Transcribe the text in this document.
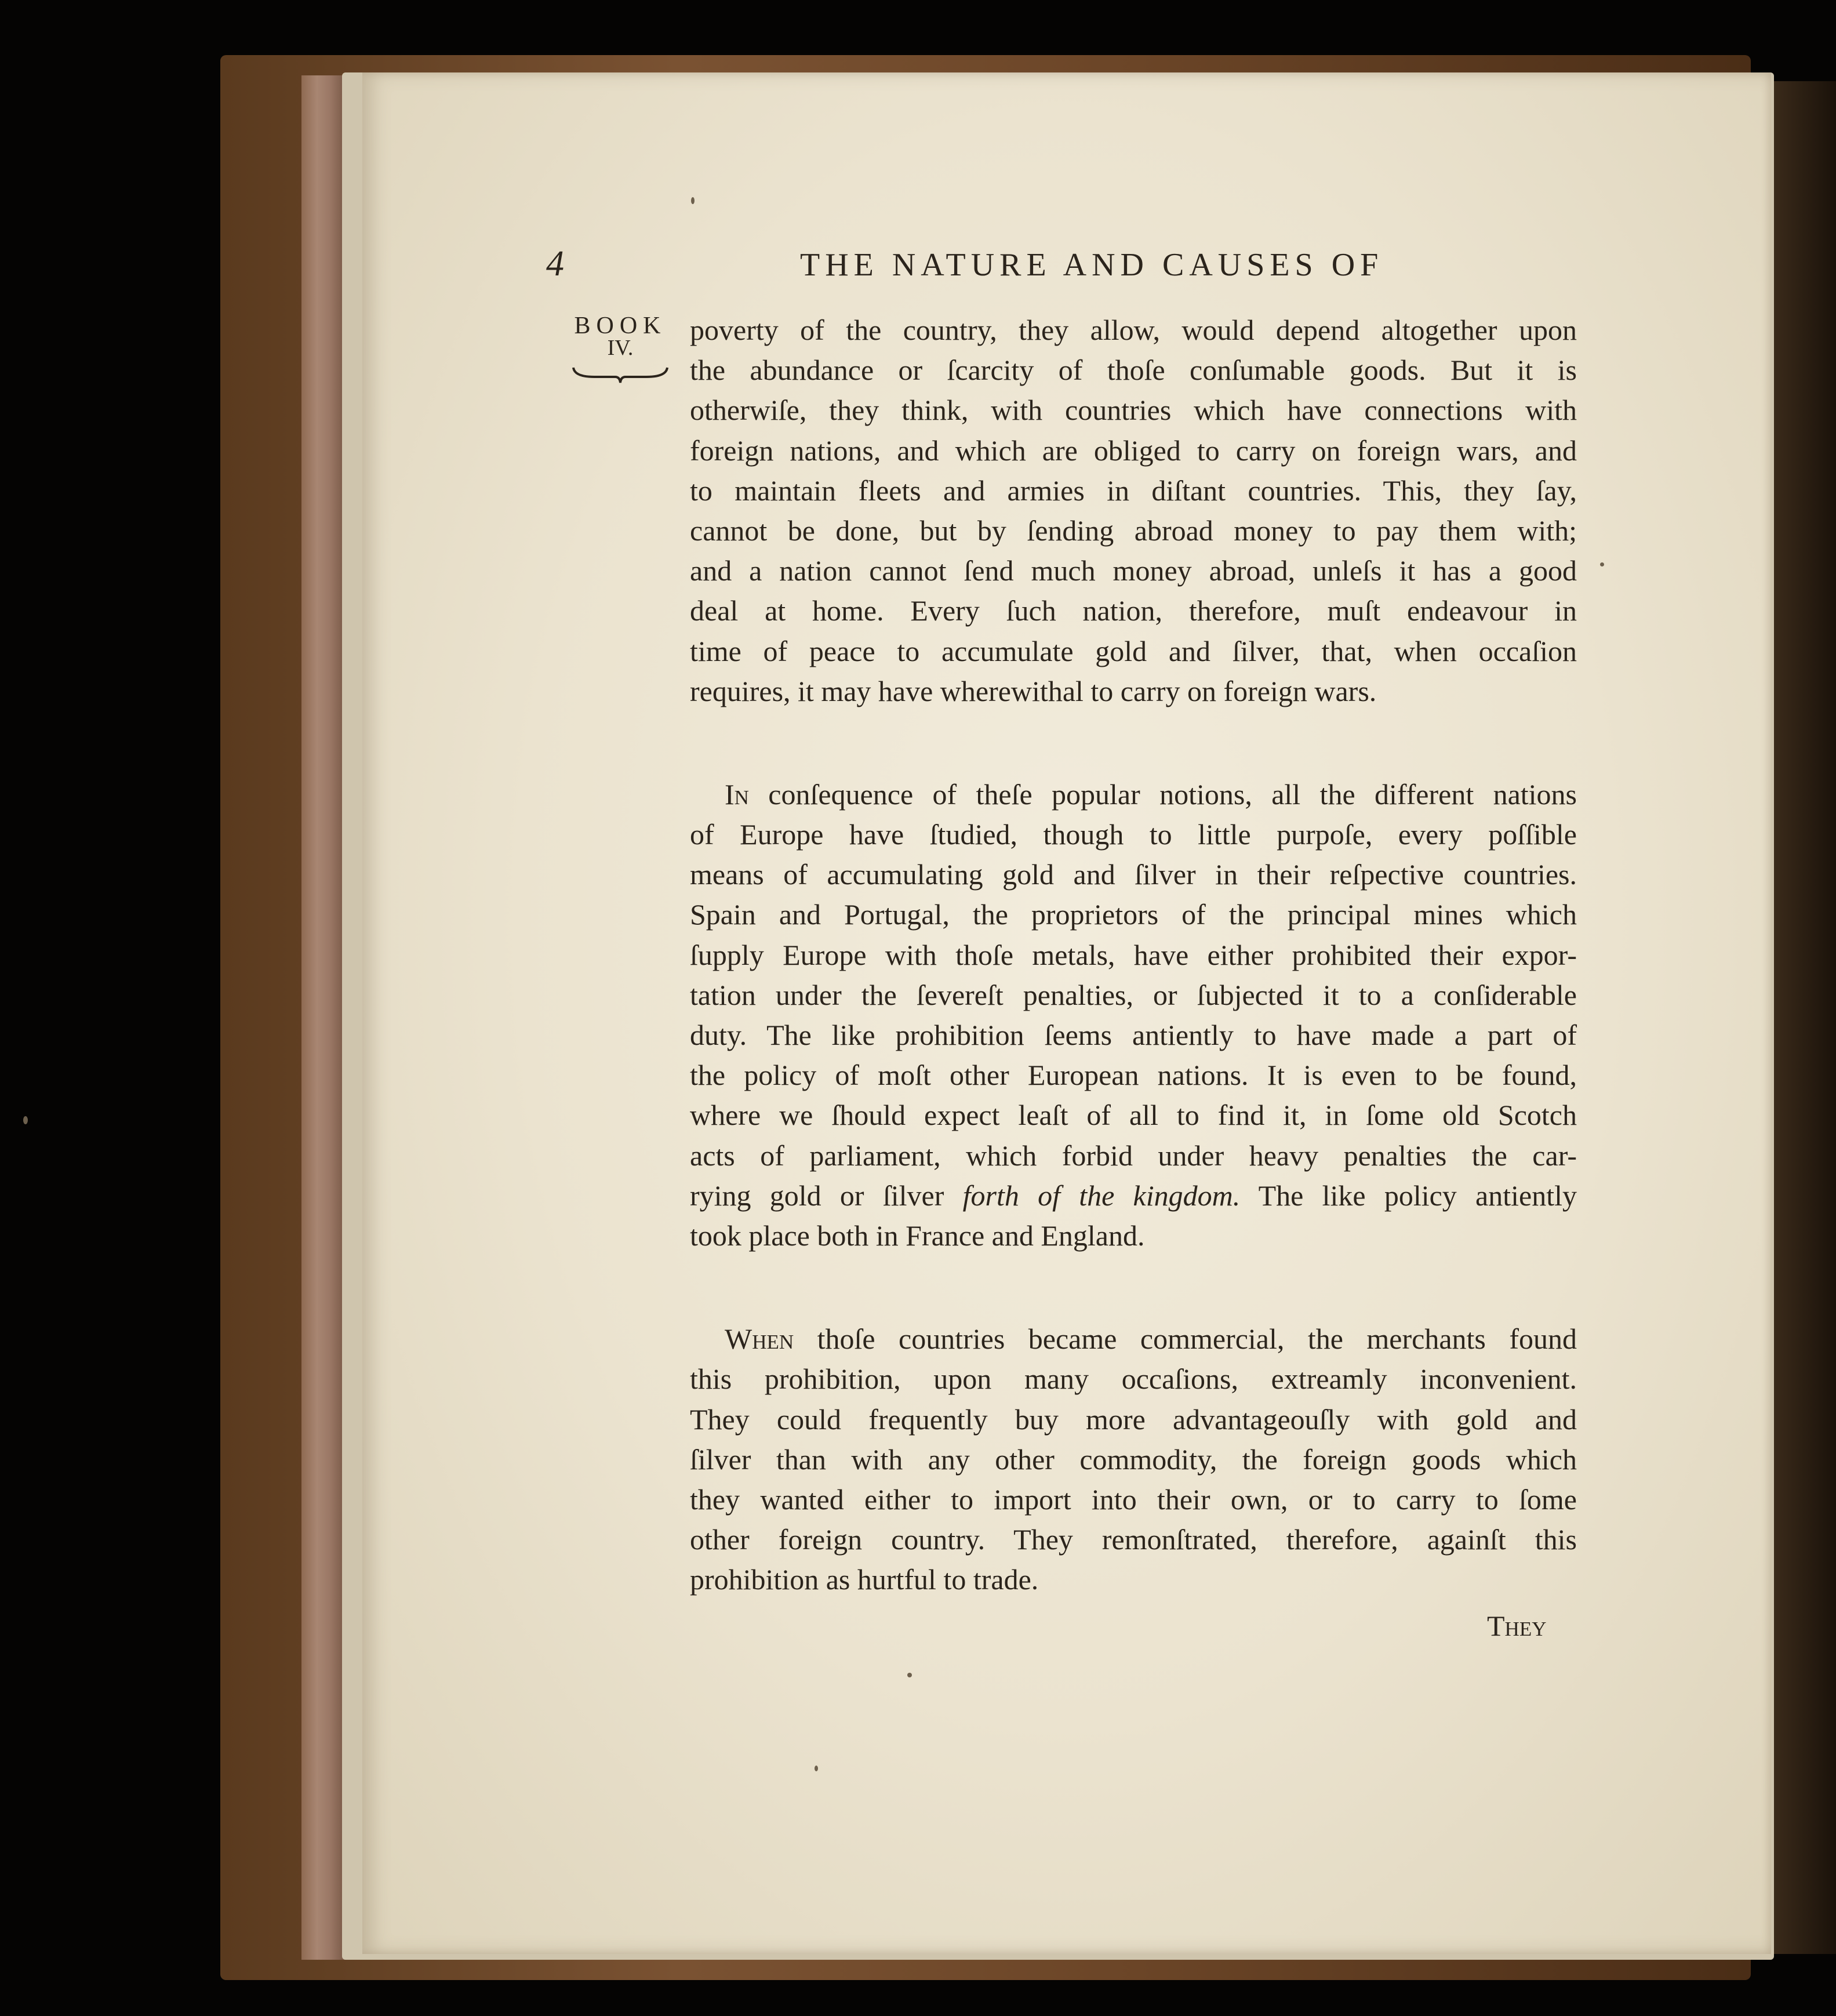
4	THE NATURE AND CAUSES OF
BOOK
IV.
poverty of the country, they allow, would depend altogether upon
the abundance or ſcarcity of thoſe conſumable goods. But it is
otherwiſe, they think, with countries which have connections with
foreign nations, and which are obliged to carry on foreign wars, and
to maintain fleets and armies in diſtant countries. This, they ſay,
cannot be done, but by ſending abroad money to pay them with;
and a nation cannot ſend much money abroad, unleſs it has a good
deal at home. Every ſuch nation, therefore, muſt endeavour in
time of peace to accumulate gold and ſilver, that, when occaſion
requires, it may have wherewithal to carry on foreign wars.
In conſequence of theſe popular notions, all the different nations
of Europe have ſtudied, though to little purpoſe, every poſſible
means of accumulating gold and ſilver in their reſpective countries.
Spain and Portugal, the proprietors of the principal mines which
ſupply Europe with thoſe metals, have either prohibited their expor-
tation under the ſevereſt penalties, or ſubjected it to a conſiderable
duty. The like prohibition ſeems antiently to have made a part of
the policy of moſt other European nations. It is even to be found,
where we ſhould expect leaſt of all to find it, in ſome old Scotch
acts of parliament, which forbid under heavy penalties the car-
rying gold or ſilver forth of the kingdom. The like policy antiently
took place both in France and England.
When thoſe countries became commercial, the merchants found
this prohibition, upon many occaſions, extreamly inconvenient.
They could frequently buy more advantageouſly with gold and
ſilver than with any other commodity, the foreign goods which
they wanted either to import into their own, or to carry to ſome
other foreign country. They remonſtrated, therefore, againſt this
prohibition as hurtful to trade.
They
